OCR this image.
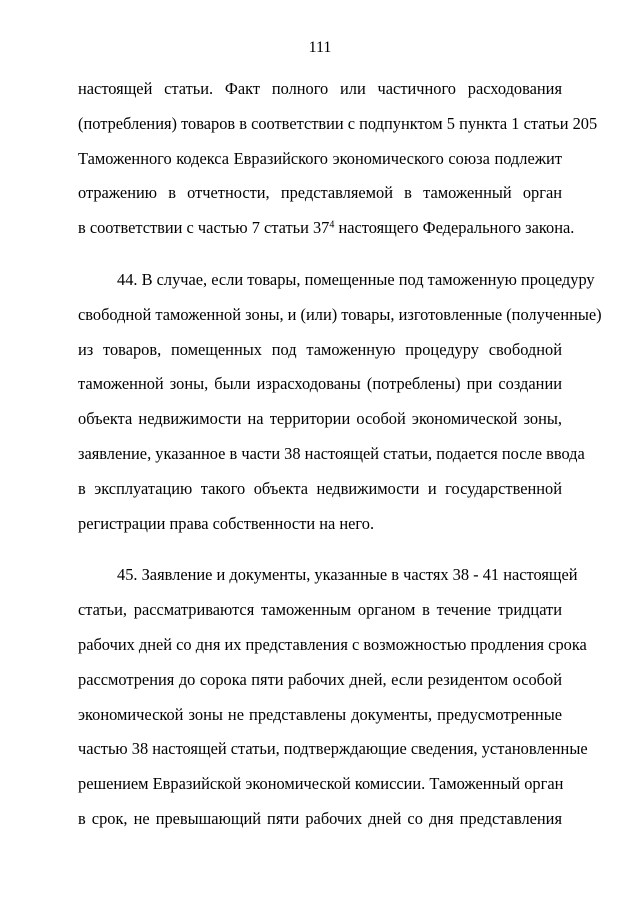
111
настоящей статьи. Факт полного или частичного расходования
(потребления) товаров в соответствии с подпунктом 5 пункта 1 статьи 205
Таможенного кодекса Евразийского экономического союза подлежит
отражению в отчетности, представляемой в таможенный орган
в соответствии с частью 7 статьи $37^4$ настоящего Федерального закона.
44. В случае, если товары, помещенные под таможенную процедуру
свободной таможенной зоны, и (или) товары, изготовленные (полученные)
из товаров, помещенных под таможенную процедуру свободной
таможенной зоны, были израсходованы (потреблены) при создании
объекта недвижимости на территории особой экономической зоны,
заявление, указанное в части 38 настоящей статьи, подается после ввода
в эксплуатацию такого объекта недвижимости и государственной
регистрации права собственности на него.
45. Заявление и документы, указанные в частях 38 - 41 настоящей
статьи, рассматриваются таможенным органом в течение тридцати
рабочих дней со дня их представления с возможностью продления срока
рассмотрения до сорока пяти рабочих дней, если резидентом особой
экономической зоны не представлены документы, предусмотренные
частью 38 настоящей статьи, подтверждающие сведения, установленные
решением Евразийской экономической комиссии. Таможенный орган
в срок, не превышающий пяти рабочих дней со дня представления
